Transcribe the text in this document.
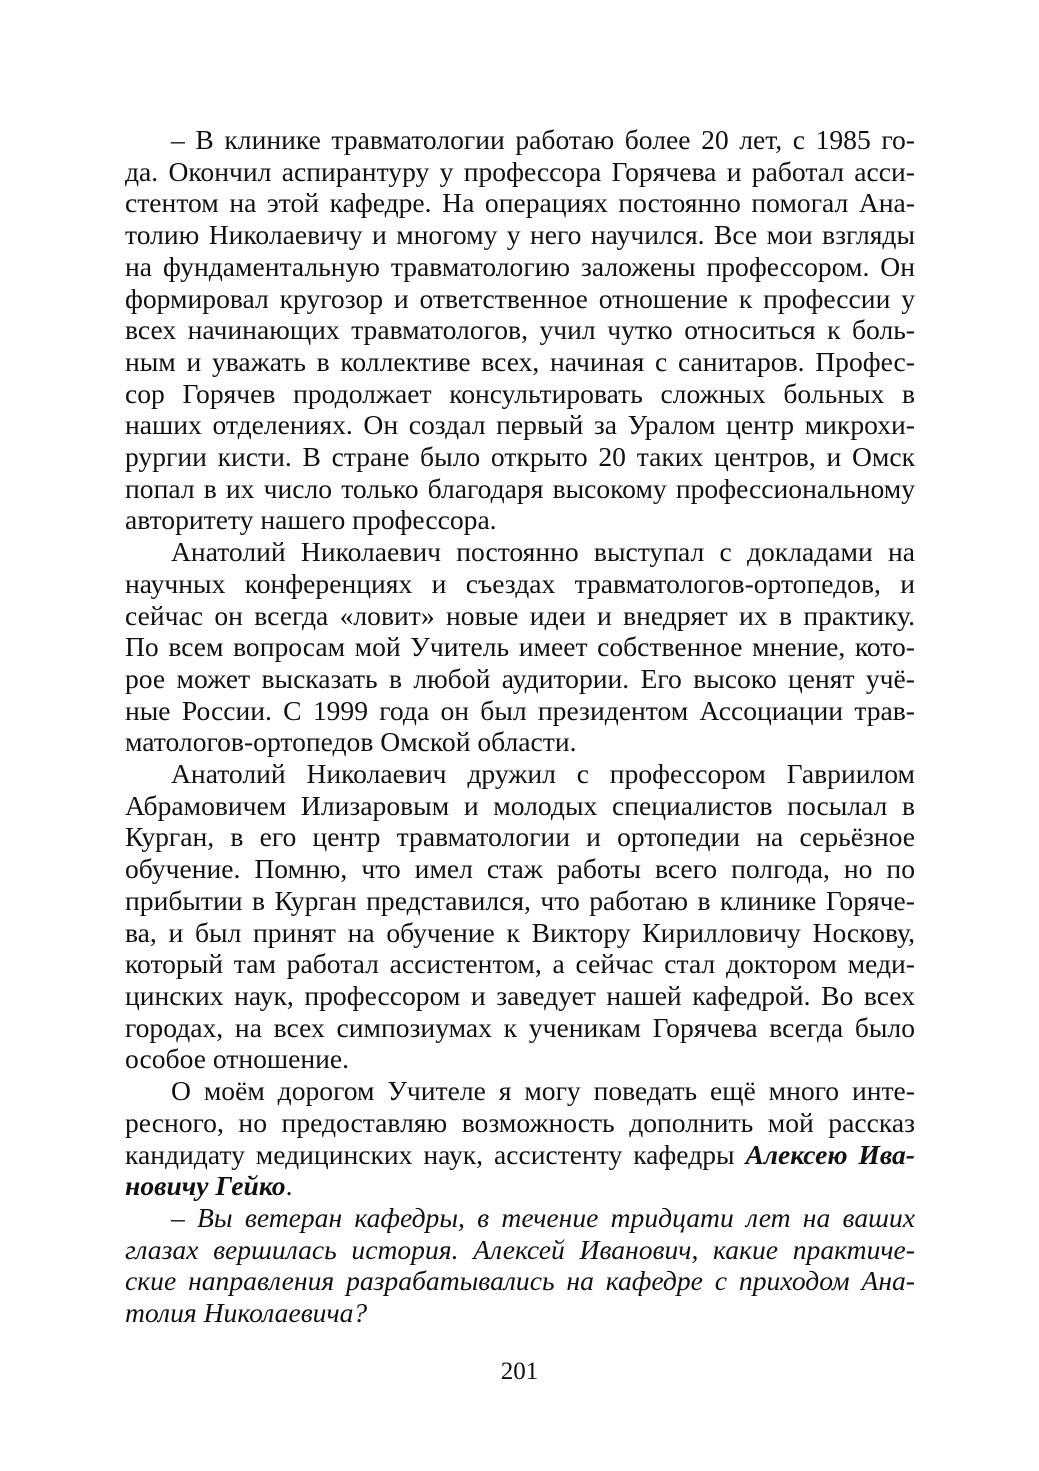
– В клинике травматологии работаю более 20 лет, с 1985 го-
да. Окончил аспирантуру у профессора Горячева и работал асси-
стентом на этой кафедре. На операциях постоянно помогал Ана-
толию Николаевичу и многому у него научился. Все мои взгляды
на фундаментальную травматологию заложены профессором. Он
формировал кругозор и ответственное отношение к профессии у
всех начинающих травматологов, учил чутко относиться к боль-
ным и уважать в коллективе всех, начиная с санитаров. Профес-
сор Горячев продолжает консультировать сложных больных в
наших отделениях. Он создал первый за Уралом центр микрохи-
рургии кисти. В стране было открыто 20 таких центров, и Омск
попал в их число только благодаря высокому профессиональному
авторитету нашего профессора.
Анатолий Николаевич постоянно выступал с докладами на
научных конференциях и съездах травматологов-ортопедов, и
сейчас он всегда «ловит» новые идеи и внедряет их в практику.
По всем вопросам мой Учитель имеет собственное мнение, кото-
рое может высказать в любой аудитории. Его высоко ценят учё-
ные России. С 1999 года он был президентом Ассоциации трав-
матологов-ортопедов Омской области.
Анатолий Николаевич дружил с профессором Гавриилом
Абрамовичем Илизаровым и молодых специалистов посылал в
Курган, в его центр травматологии и ортопедии на серьёзное
обучение. Помню, что имел стаж работы всего полгода, но по
прибытии в Курган представился, что работаю в клинике Горяче-
ва, и был принят на обучение к Виктору Кирилловичу Носкову,
который там работал ассистентом, а сейчас стал доктором меди-
цинских наук, профессором и заведует нашей кафедрой. Во всех
городах, на всех симпозиумах к ученикам Горячева всегда было
особое отношение.
О моём дорогом Учителе я могу поведать ещё много инте-
ресного, но предоставляю возможность дополнить мой рассказ
кандидату медицинских наук, ассистенту кафедры Алексею Ива-
новичу Гейко.
– Вы ветеран кафедры, в течение тридцати лет на ваших
глазах вершилась история. Алексей Иванович, какие практиче-
ские направления разрабатывались на кафедре с приходом Ана-
толия Николаевича?
201
